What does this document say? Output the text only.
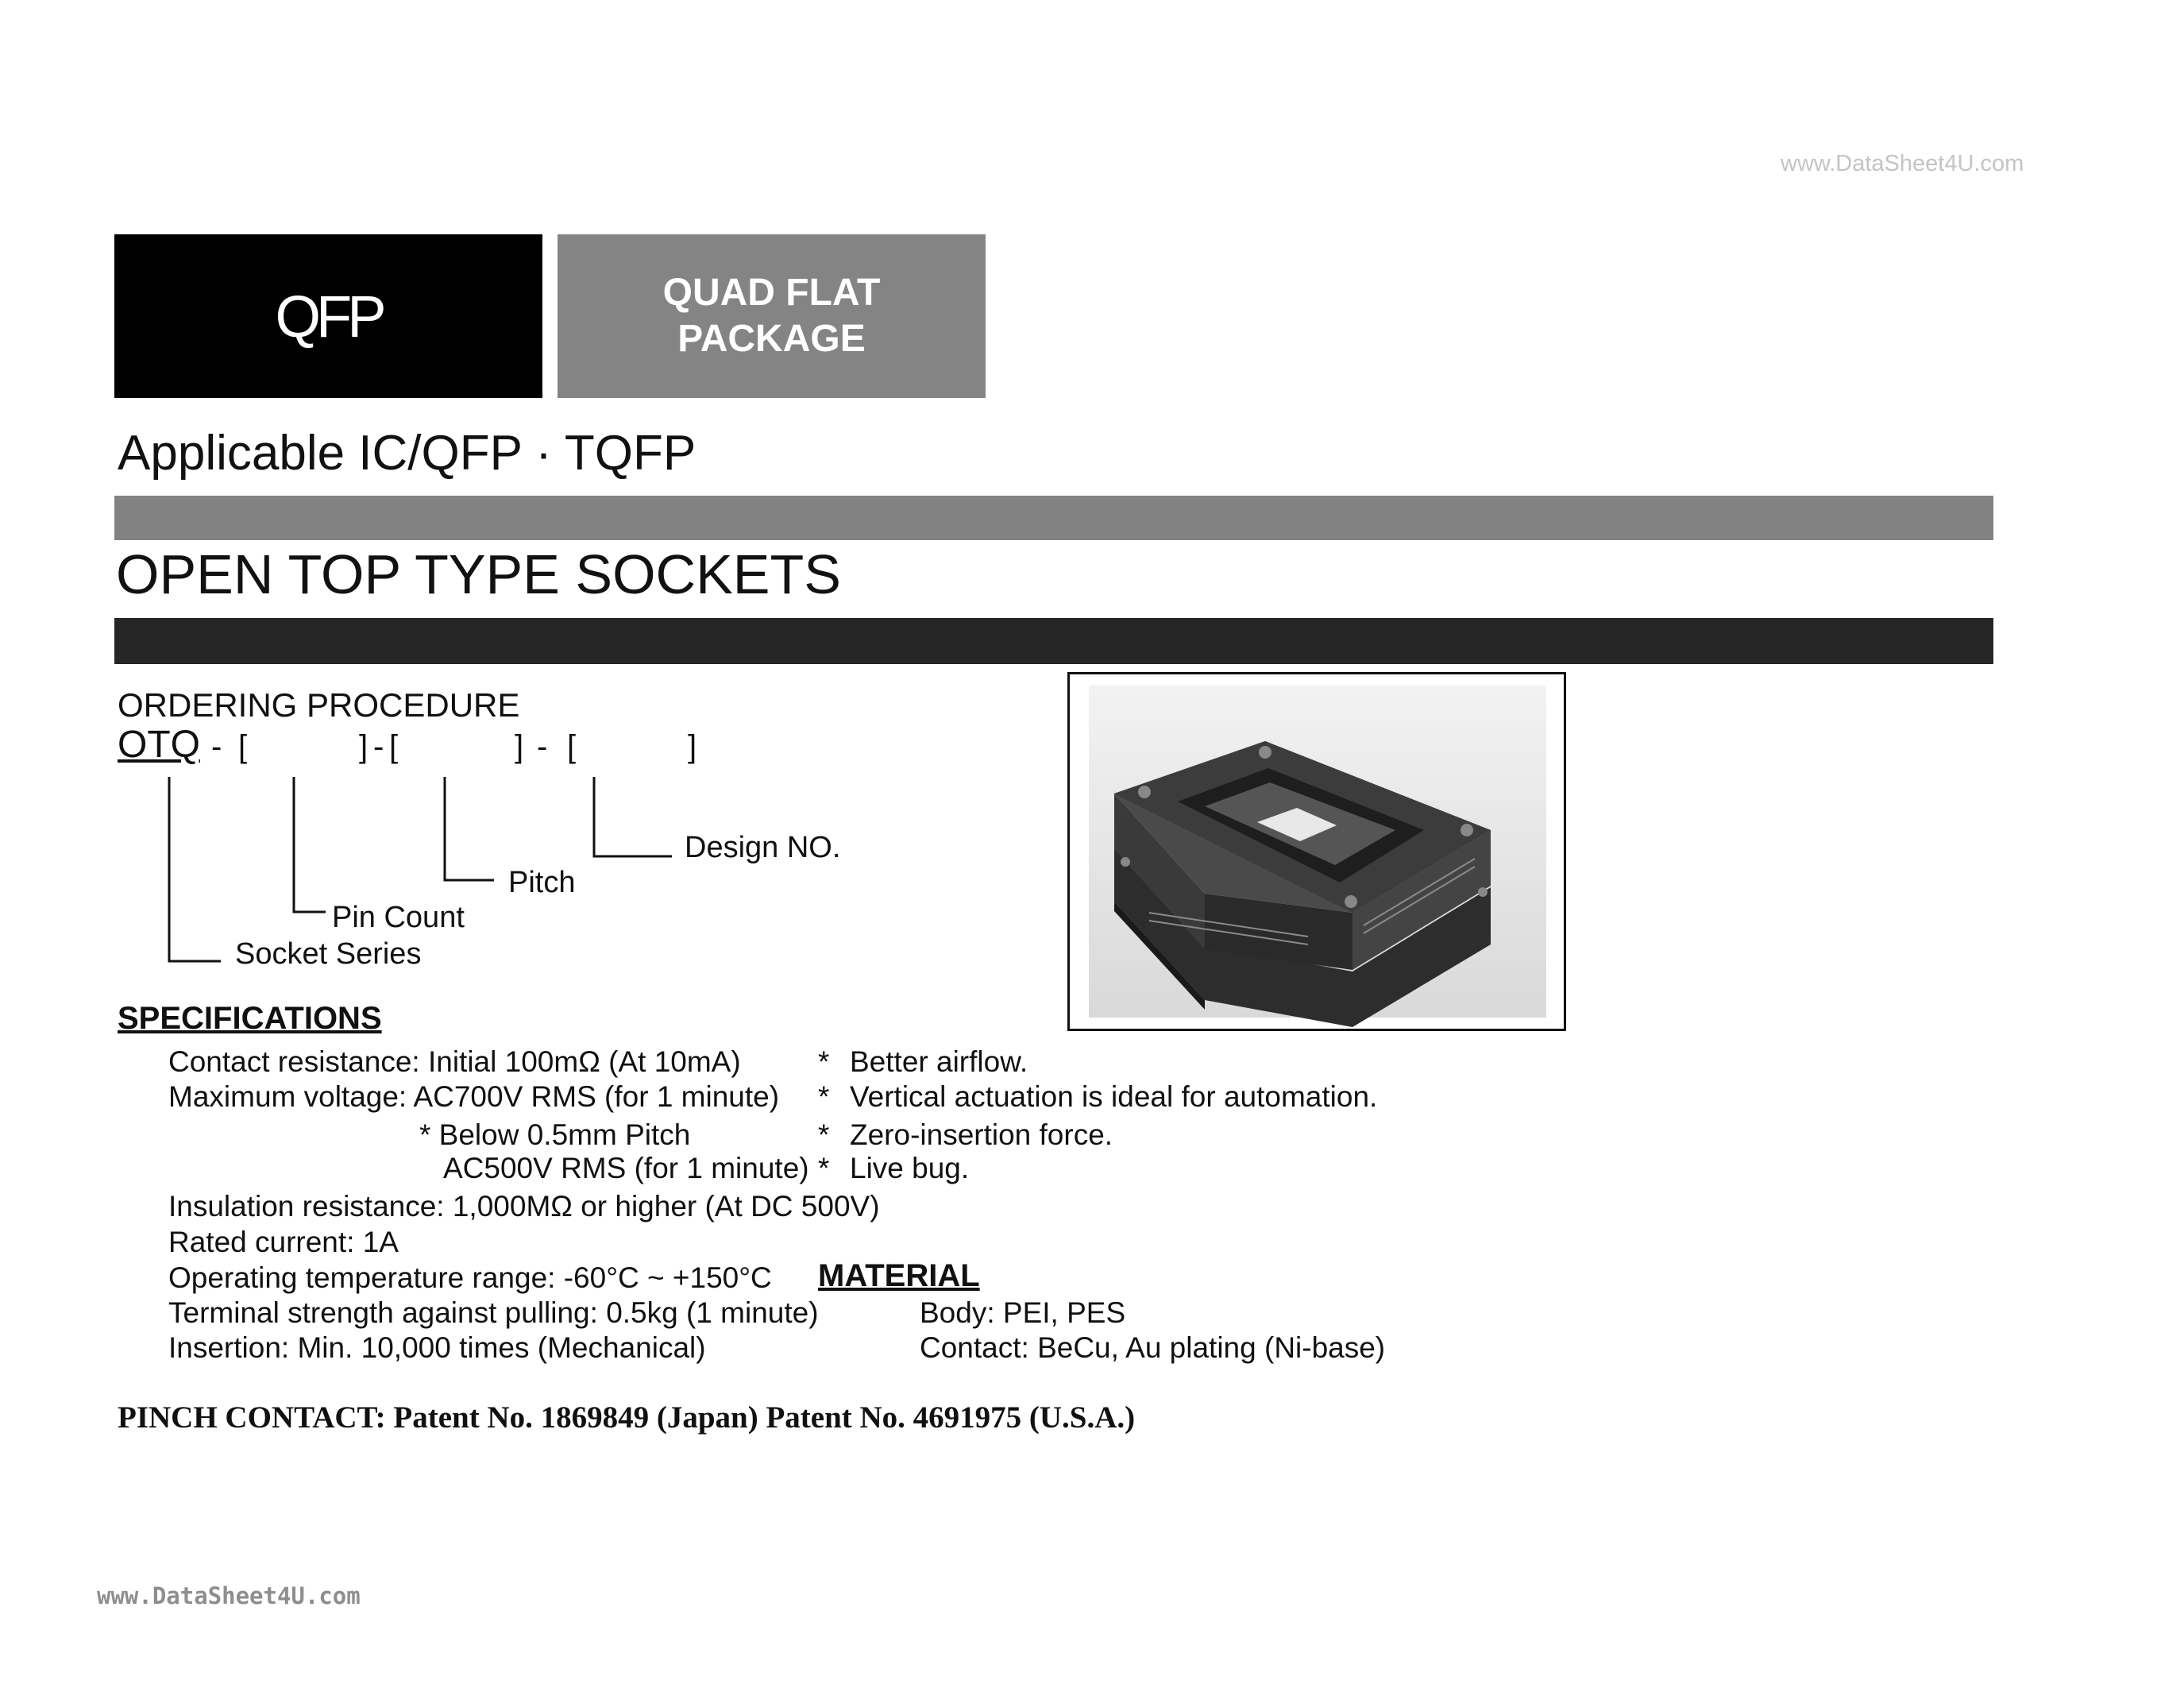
www.DataSheet4U.com
QFP	QUAD FLAT PACKAGE
Applicable IC/QFP · TQFP
OPEN TOP TYPE SOCKETS
ORDERING PROCEDURE
OTQ - [	] - [	] - [	]
Socket Series
Pin Count
Pitch
Design NO.
SPECIFICATIONS
Contact resistance: Initial 100mΩ (At 10mA)
Maximum voltage: AC700V RMS (for 1 minute)
* Below 0.5mm Pitch
AC500V RMS (for 1 minute)
Insulation resistance: 1,000MΩ or higher (At DC 500V)
Rated current: 1A
Operating temperature range: -60°C ~ +150°C
Terminal strength against pulling: 0.5kg (1 minute)
Insertion: Min. 10,000 times (Mechanical)
* Better airflow.
* Vertical actuation is ideal for automation.
* Zero-insertion force.
* Live bug.
MATERIAL
Body: PEI, PES
Contact: BeCu, Au plating (Ni-base)
PINCH CONTACT: Patent No. 1869849 (Japan) Patent No. 4691975 (U.S.A.)
www.DataSheet4U.com
